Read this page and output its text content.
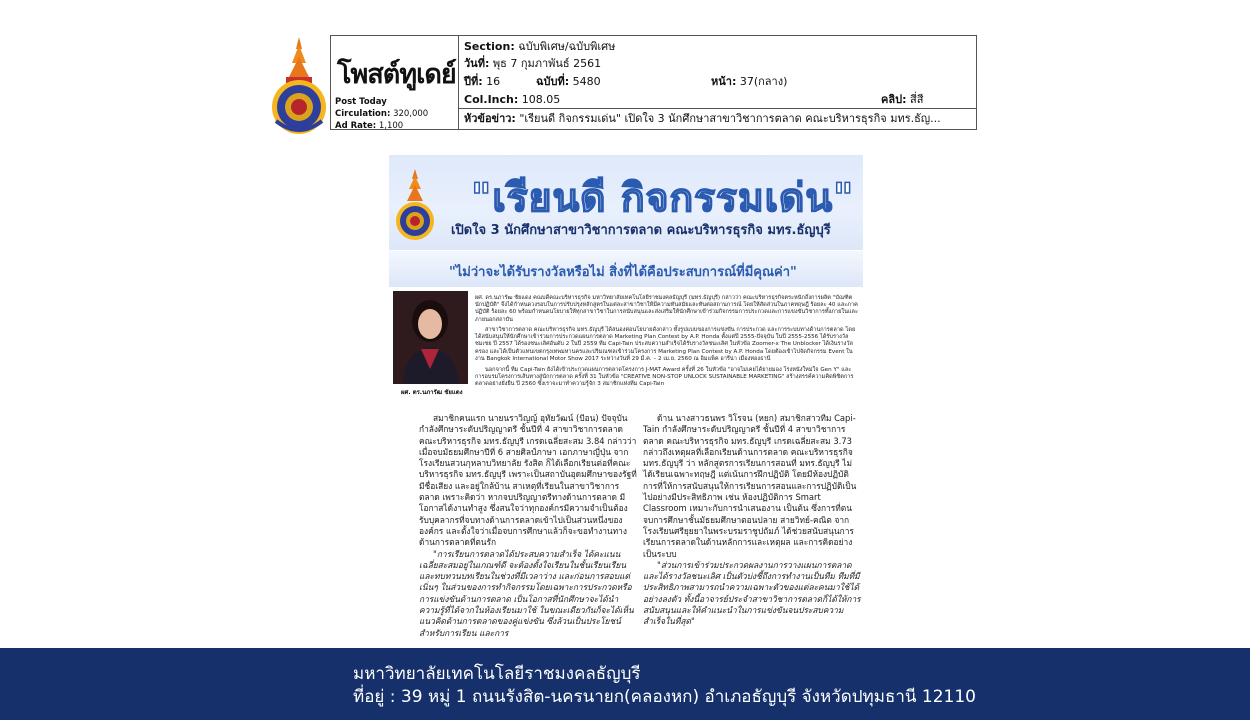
โพสต์ทูเดย์
Post Today
Circulation: 320,000
Ad Rate: 1,100
Section: ฉบับพิเศษ/ฉบับพิเศษ
วันที่: พุธ 7 กุมภาพันธ์ 2561
ปีที่: 16	ฉบับที่: 5480	หน้า: 37(กลาง)
Col.Inch: 108.05	คลิป: สี่สี
หัวข้อข่าว: "เรียนดี กิจกรรมเด่น" เปิดใจ 3 นักศึกษาสาขาวิชาการตลาด คณะบริหารธุรกิจ มทร.ธัญ...
"เรียนดี กิจกรรมเด่น"
เปิดใจ 3 นักศึกษาสาขาวิชาการตลาด คณะบริหารธุรกิจ มทร.ธัญบุรี
"ไม่ว่าจะได้รับรางวัลหรือไม่ สิ่งที่ได้คือประสบการณ์ที่มีคุณค่า"
ผศ. ดร.นภารัฒ ชัยแดง
ผศ. ดร.นภารัฒ ชัยแดง คณบดีคณะบริหารธุรกิจ มหาวิทยาลัยเทคโนโลยีราชมงคลธัญบุรี (มทร.ธัญบุรี) กล่าวว่า คณะบริหารธุรกิจตระหนักถึงการผลิต "บัณฑิตนักปฏิบัติ" จึงได้กำหนดวงรอบในการปรับปรุงหลักสูตรในแต่ละสาขาวิชาให้มีความทันสมัยและทันต่อสถานการณ์ โดยให้สัดส่วนในภาคทฤษฎี ร้อยละ 40 และภาคปฏิบัติ ร้อยละ 60 พร้อมกำหนดนโยบายให้ทุกสาขาวิชาในการสนับสนุนและส่งเสริมให้นักศึกษาเข้าร่วมกิจกรรมการประกวดและการแข่งขันวิชาการทั้งภายในและภายนอกสถาบัน
สาขาวิชาการตลาด คณะบริหารธุรกิจ มทร.ธัญบุรี ได้สนองต่อนโยบายดังกล่าว ทั้งรูปแบบของการแข่งขัน การประกวด และการระบบทางด้านการตลาด โดยได้สนับสนุนให้นักศึกษาเข้าร่วมการประกวดแผนการตลาด Marketing Plan Contest by A.P. Honda ตั้งแต่ปี 2555-ปัจจุบัน ในปี 2555-2556 ได้รับรางวัลชมเชย ปี 2557 ได้รองชนะเลิศอันดับ 2 ในปี 2559 ทีม Capi-Tain ประสบความสำเร็จได้รับรางวัลชนะเลิศ ในหัวข้อ Zoomer-x The Unblocker ได้เงินรางวัลครอง และได้เป็นตัวแทนเขตกรุงเทพมหานครและปริมณฑลเข้าร่วมโครงการ Marketing Plan Contest by A.P. Honda โดยต้องเข้าไปจัดกิจกรรม Event ในงาน Bangkok International Motor Show 2017 ระหว่างวันที่ 29 มี.ค. – 2 เม.ย. 2560 ณ อิมแพ็ค อารีน่า เมืองทองธานี
นอกจากนี้ ทีม Capi-Tain ยังได้เข้าประกวดแผนการตลาดโครงการ J-MAT Award ครั้งที่ 26 ในหัวข้อ "อาจไม่เคยได้ยายมอง โรงหนังใหม่ใจ Gen Y" และการอบรมโครงการเส้นทางสู่นักการตลาด ครั้งที่ 31 ในหัวข้อ "CREATIVE NON-STOP UNLOCK SUSTAINABLE MARKETING" สร้างสรรค์ความคิดพิชิตการตลาดอย่างยั่งยืน ปี 2560 ซึ่งเราจะมาทำความรู้จัก 3 สมาชิกแห่งทีม Capi-Tain

สมาชิกคนแรก นายนราวิญญ์ อุทัยวัฒน์ (บีอน) ปัจจุบันกำลังศึกษาระดับปริญญาตรี ชั้นปีที่ 4 สาขาวิชาการตลาด คณะบริหารธุรกิจ มทร.ธัญบุรี เกรดเฉลี่ยสะสม 3.84 กล่าวว่าเมื่อจบมัธยมศึกษาปีที่ 6 สายศิลป์ภาษา เอกภาษาญี่ปุ่น จากโรงเรียนสวนกุหลาบวิทยาลัย รังสิต ก็ได้เลือกเรียนต่อที่คณะบริหารธุรกิจ มทร.ธัญบุรี เพราะเป็นสถาบันอุดมศึกษาของรัฐที่มีชื่อเสียง และอยู่ใกล้บ้าน สาเหตุที่เรียนในสาขาวิชาการตลาด เพราะคิดว่า หากจบปริญญาตรีทางด้านการตลาด มีโอกาสได้งานทำสูง ซึ่งสนใจว่าทุกองค์กรมีความจำเป็นต้องรับบุคลากรที่จบทางด้านการตลาดเข้าไปเป็นส่วนหนึ่งขององค์กร และตั้งใจว่าเมื่อจบการศึกษาแล้วก็จะขอทำงานทางด้านการตลาดที่ตนรัก

"การเรียนการตลาดได้ประสบความสำเร็จ ได้คะแนนเฉลี่ยสะสมอยู่ในเกณฑ์ดี จะต้องตั้งใจเรียนในชั้นเรียนเรียน และทบทวนบทเรียนในช่วงที่มีเวลาว่าง และก่อนการสอบแต่เนิ่นๆ ในส่วนของการทำกิจกรรมโดยเฉพาะการประกวดหรือการแข่งขันด้านการตลาด เป็นโอกาสที่นักศึกษาจะได้นำความรู้ที่ได้จากในห้องเรียนมาใช้ ในขณะเดียวกันก็จะได้เห็นแนวคิดด้านการตลาดของคู่แข่งขัน ซึ่งล้วนเป็นประโยชน์สำหรับการเรียน และการ

ด้าน นางสาวธนพร วิโรจน (หยก) สมาชิกสาวทีม Capi-Tain กำลังศึกษาระดับปริญญาตรี ชั้นปีที่ 4 สาขาวิชาการตลาด คณะบริหารธุรกิจ มทร.ธัญบุรี เกรดเฉลี่ยสะสม 3.73 กล่าวถึงเหตุผลที่เลือกเรียนด้านการตลาด คณะบริหารธุรกิจ มทร.ธัญบุรี ว่า หลักสูตรการเรียนการสอนที่ มทร.ธัญบุรี ไม่ได้เรียนเฉพาะทฤษฎี แต่เน้นการฝึกปฏิบัติ โดยมีห้องปฏิบัติการที่ให้การสนับสนุนให้การเรียนการสอนและการปฏิบัติเป็นไปอย่างมีประสิทธิภาพ เช่น ห้องปฏิบัติการ Smart Classroom เหมาะกับการนำเสนองาน เป็นต้น ซึ่งการที่ตนจบการศึกษาชั้นมัธยมศึกษาตอนปลาย สายวิทย์-คณิต จากโรงเรียนศรียุยยาในพระบรมราชูปถัมภ์ ได้ช่วยสนับสนุนการเรียนการตลาดในด้านหลักการและเหตุผล และการคิดอย่างเป็นระบบ

"ส่วนการเข้าร่วมประกวดผลงานการวางแผนการตลาดและได้รางวัลชนะเลิศ เป็นตัวบ่งชี้ถึงการทำงานเป็นทีม ทีมที่มีประสิทธิภาพสามารถนำความเฉพาะตัวของแต่ละคนมาใช้ได้อย่างลงตัว ทั้งนี้อาจารย์ประจำสาขาวิชาการตลาดก็ได้ให้การสนับสนุนและให้คำแนะนำในการแข่งขันจนประสบความสำเร็จในที่สุด"

มหาวิทยาลัยเทคโนโลยีราชมงคลธัญบุรี
ที่อยู่ : 39 หมู่ 1 ถนนรังสิต-นครนายก(คลองหก) อำเภอธัญบุรี จังหวัดปทุมธานี 12110
